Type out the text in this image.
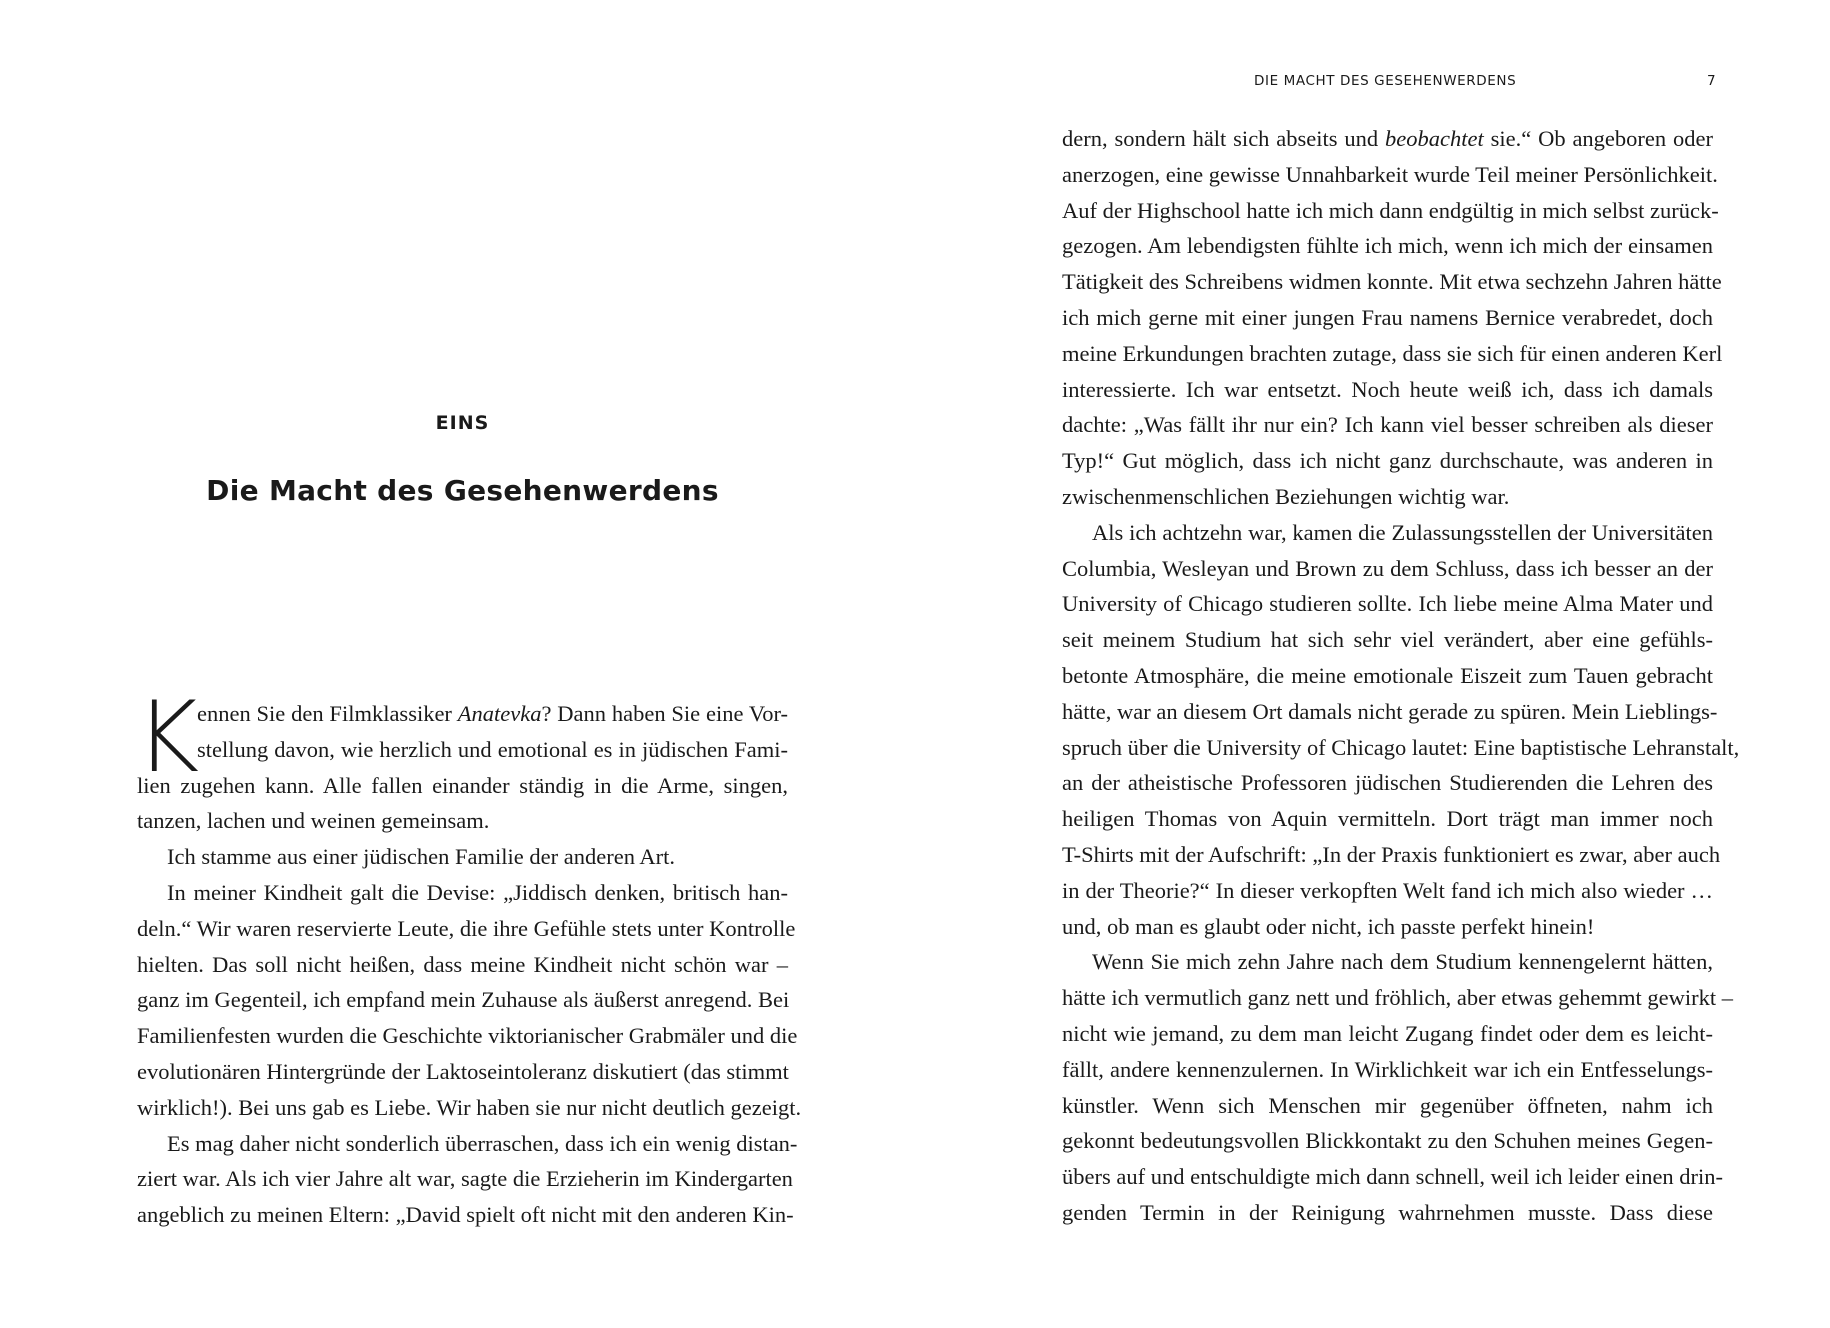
EINS
Die Macht des Gesehenwerdens
K
ennen Sie den Filmklassiker Anatevka? Dann haben Sie eine Vor-
stellung davon, wie herzlich und emotional es in jüdischen Fami-
lien zugehen kann. Alle fallen einander ständig in die Arme, singen,
tanzen, lachen und weinen gemeinsam.
Ich stamme aus einer jüdischen Familie der anderen Art.
In meiner Kindheit galt die Devise: „Jiddisch denken, britisch han-
deln.“ Wir waren reservierte Leute, die ihre Gefühle stets unter Kontrolle
hielten. Das soll nicht heißen, dass meine Kindheit nicht schön war –
ganz im Gegenteil, ich empfand mein Zuhause als äußerst anregend. Bei
Familienfesten wurden die Geschichte viktorianischer Grabmäler und die
evolutionären Hintergründe der Laktoseintoleranz diskutiert (das stimmt
wirklich!). Bei uns gab es Liebe. Wir haben sie nur nicht deutlich gezeigt.
Es mag daher nicht sonderlich überraschen, dass ich ein wenig distan-
ziert war. Als ich vier Jahre alt war, sagte die Erzieherin im Kindergarten
angeblich zu meinen Eltern: „David spielt oft nicht mit den anderen Kin-
DIE MACHT DES GESEHENWERDENS	7
dern, sondern hält sich abseits und beobachtet sie.“ Ob angeboren oder
anerzogen, eine gewisse Unnahbarkeit wurde Teil meiner Persönlichkeit.
Auf der Highschool hatte ich mich dann endgültig in mich selbst zurück-
gezogen. Am lebendigsten fühlte ich mich, wenn ich mich der einsamen
Tätigkeit des Schreibens widmen konnte. Mit etwa sechzehn Jahren hätte
ich mich gerne mit einer jungen Frau namens Bernice verabredet, doch
meine Erkundungen brachten zutage, dass sie sich für einen anderen Kerl
interessierte. Ich war entsetzt. Noch heute weiß ich, dass ich damals
dachte: „Was fällt ihr nur ein? Ich kann viel besser schreiben als dieser
Typ!“ Gut möglich, dass ich nicht ganz durchschaute, was anderen in
zwischenmenschlichen Beziehungen wichtig war.
Als ich achtzehn war, kamen die Zulassungsstellen der Universitäten
Columbia, Wesleyan und Brown zu dem Schluss, dass ich besser an der
University of Chicago studieren sollte. Ich liebe meine Alma Mater und
seit meinem Studium hat sich sehr viel verändert, aber eine gefühls-
betonte Atmosphäre, die meine emotionale Eiszeit zum Tauen gebracht
hätte, war an diesem Ort damals nicht gerade zu spüren. Mein Lieblings-
spruch über die University of Chicago lautet: Eine baptistische Lehranstalt,
an der atheistische Professoren jüdischen Studierenden die Lehren des
heiligen Thomas von Aquin vermitteln. Dort trägt man immer noch
T-Shirts mit der Aufschrift: „In der Praxis funktioniert es zwar, aber auch
in der Theorie?“ In dieser verkopften Welt fand ich mich also wieder …
und, ob man es glaubt oder nicht, ich passte perfekt hinein!
Wenn Sie mich zehn Jahre nach dem Studium kennengelernt hätten,
hätte ich vermutlich ganz nett und fröhlich, aber etwas gehemmt gewirkt –
nicht wie jemand, zu dem man leicht Zugang findet oder dem es leicht-
fällt, andere kennenzulernen. In Wirklichkeit war ich ein Entfesselungs-
künstler. Wenn sich Menschen mir gegenüber öffneten, nahm ich
gekonnt bedeutungsvollen Blickkontakt zu den Schuhen meines Gegen-
übers auf und entschuldigte mich dann schnell, weil ich leider einen drin-
genden Termin in der Reinigung wahrnehmen musste. Dass diese
